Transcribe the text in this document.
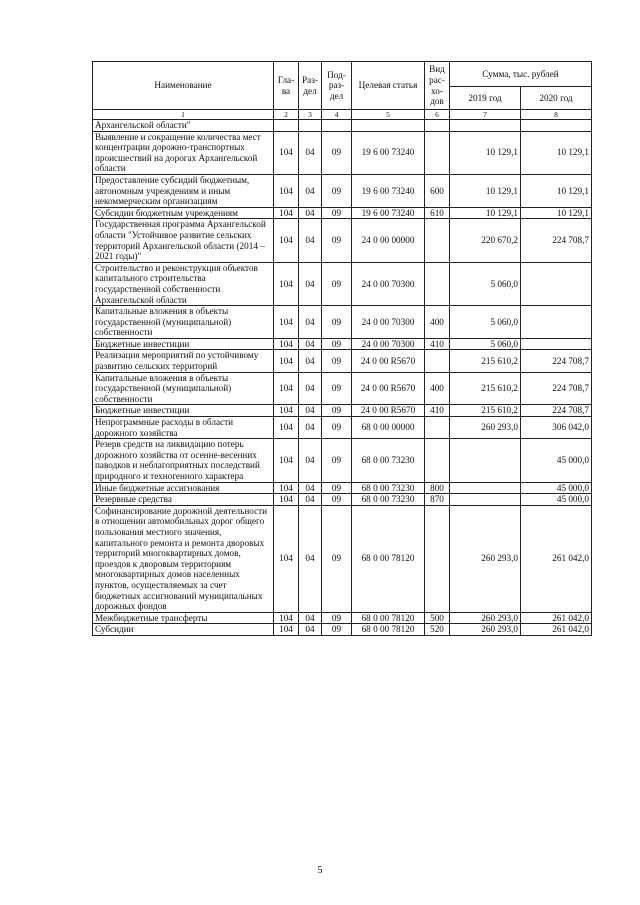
Наименование	Гла-ва	Раз-дел	Под-раз-дел	Целевая статья	Вид рас-хо-дов	Сумма, тыс. рублей	
						2019 год	2020 год
1	2	3	4	5	6	7	8
Архангельской области"							
Выявление и сокращение количества мест концентрации дорожно-транспортных происшествий на дорогах Архангельской области	104	04	09	19 6 00 73240		10 129,1	10 129,1
Предоставление субсидий бюджетным, автономным учреждениям и иным некоммерческим организациям	104	04	09	19 6 00 73240	600	10 129,1	10 129,1
Субсидии бюджетным учреждениям	104	04	09	19 6 00 73240	610	10 129,1	10 129,1
Государственная программа Архангельской области "Устойчивое развитие сельских территорий Архангельской области (2014 – 2021 годы)"	104	04	09	24 0 00 00000		220 670,2	224 708,7
Строительство и реконструкция объектов капитального строительства государственной собственности Архангельской области	104	04	09	24 0 00 70300		5 060,0	
Капитальные вложения в объекты государственной (муниципальной) собственности	104	04	09	24 0 00 70300	400	5 060,0	
Бюджетные инвестиции	104	04	09	24 0 00 70300	410	5 060,0	
Реализация мероприятий по устойчивому развитию сельских территорий	104	04	09	24 0 00 R5670		215 610,2	224 708,7
Капитальные вложения в объекты государственной (муниципальной) собственности	104	04	09	24 0 00 R5670	400	215 610,2	224 708,7
Бюджетные инвестиции	104	04	09	24 0 00 R5670	410	215 610,2	224 708,7
Непрограммные расходы в области дорожного хозяйства	104	04	09	68 0 00 00000		260 293,0	306 042,0
Резерв средств на ликвидацию потерь дорожного хозяйства от осенне-весенних паводков и неблагоприятных последствий природного и техногенного характера	104	04	09	68 0 00 73230			45 000,0
Иные бюджетные ассигнования	104	04	09	68 0 00 73230	800		45 000,0
Резервные средства	104	04	09	68 0 00 73230	870		45 000,0
Софинансирование дорожной деятельности в отношении автомобильных дорог общего пользования местного значения, капитального ремонта и ремонта дворовых территорий многоквартирных домов, проездов к дворовым территориям многоквартирных домов населенных пунктов, осуществляемых за счет бюджетных ассигнований муниципальных дорожных фондов	104	04	09	68 0 00 78120		260 293,0	261 042,0
Межбюджетные трансферты	104	04	09	68 0 00 78120	500	260 293,0	261 042,0
Субсидии	104	04	09	68 0 00 78120	520	260 293,0	261 042,0
5
